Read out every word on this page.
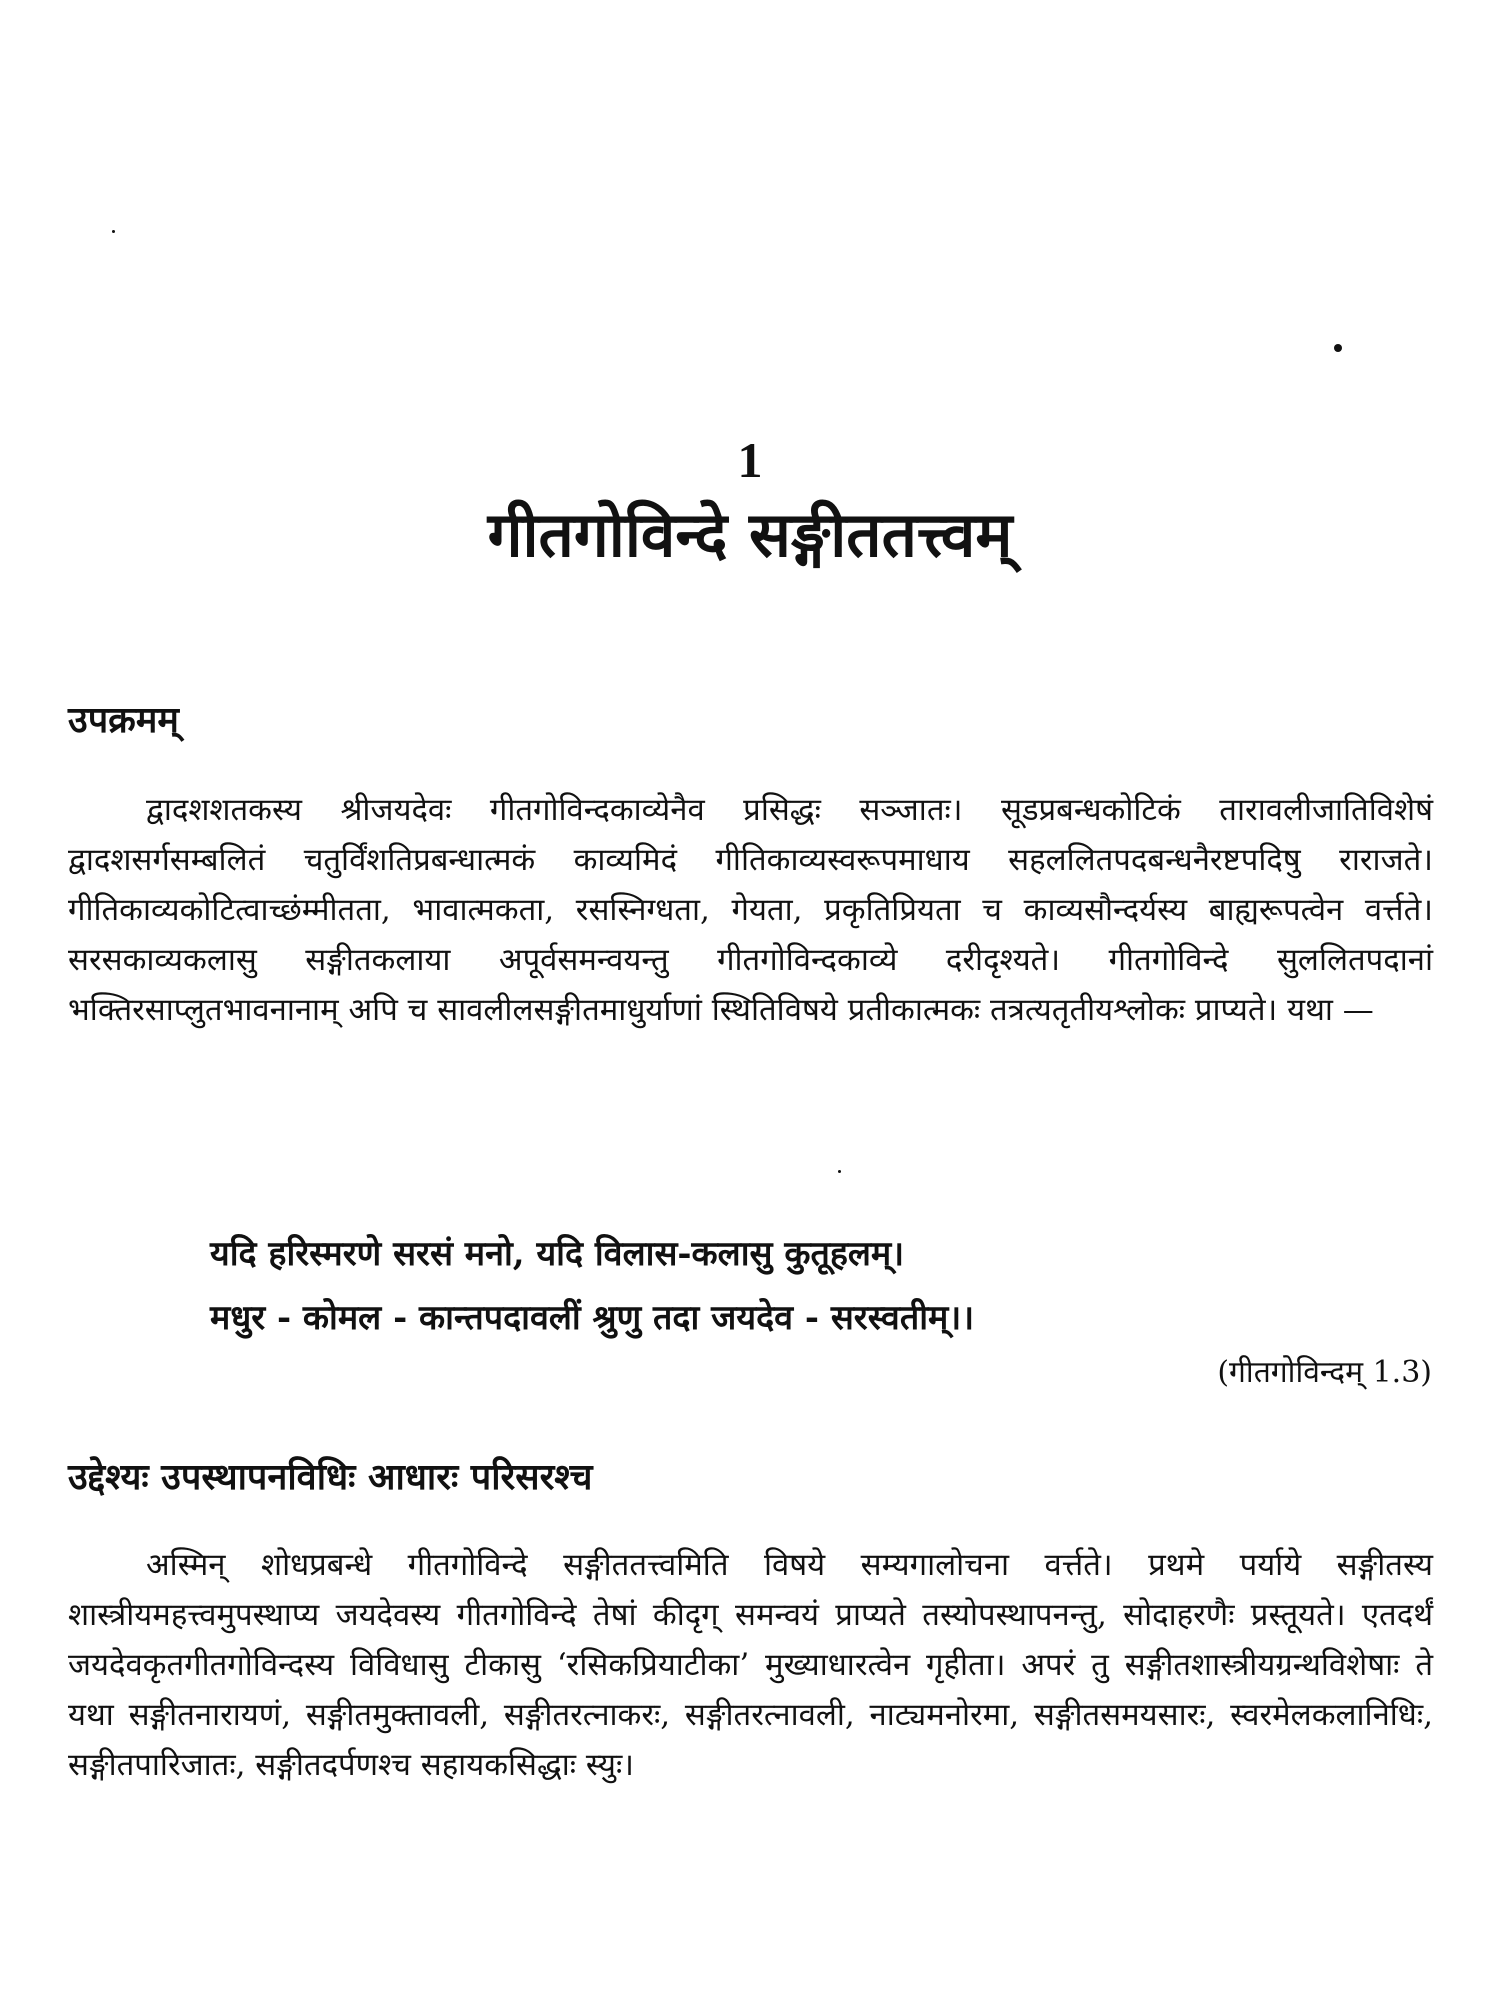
1
गीतगोविन्दे सङ्गीततत्त्वम्
उपक्रमम्

द्वादशशतकस्य श्रीजयदेवः गीतगोविन्दकाव्येनैव प्रसिद्धः सञ्जातः। सूडप्रबन्धकोटिकं तारावलीजातिविशेषं द्वादशसर्गसम्बलितं चतुर्विंशतिप्रबन्धात्मकं काव्यमिदं गीतिकाव्यस्वरूपमाधाय सहललितपदबन्धनैरष्टपदिषु राराजते। गीतिकाव्यकोटित्वाच्छंम्मीतता, भावात्मकता, रसस्निग्धता, गेयता, प्रकृतिप्रियता च काव्यसौन्दर्यस्य बाह्यरूपत्वेन वर्त्तते। सरसकाव्यकलासु सङ्गीतकलाया अपूर्वसमन्वयन्तु गीतगोविन्दकाव्ये दरीदृश्यते। गीतगोविन्दे सुललितपदानां भक्तिरसाप्लुतभावनानाम् अपि च सावलीलसङ्गीतमाधुर्याणां स्थितिविषये प्रतीकात्मकः तत्रत्यतृतीयश्लोकः प्राप्यते। यथा —

यदि हरिस्मरणे सरसं मनो, यदि विलास-कलासु कुतूहलम्।

मधुर - कोमल - कान्तपदावलीं श्रुणु तदा जयदेव - सरस्वतीम्।।

(गीतगोविन्दम् 1.3)

उद्देश्यः उपस्थापनविधिः आधारः परिसरश्च

अस्मिन् शोधप्रबन्धे गीतगोविन्दे सङ्गीततत्त्वमिति विषये सम्यगालोचना वर्त्तते। प्रथमे पर्याये सङ्गीतस्य शास्त्रीयमहत्त्वमुपस्थाप्य जयदेवस्य गीतगोविन्दे तेषां कीदृग् समन्वयं प्राप्यते तस्योपस्थापनन्तु, सोदाहरणैः प्रस्तूयते। एतदर्थं जयदेवकृतगीतगोविन्दस्य विविधासु टीकासु ‘रसिकप्रियाटीका’ मुख्याधारत्वेन गृहीता। अपरं तु सङ्गीतशास्त्रीयग्रन्थविशेषाः ते यथा सङ्गीतनारायणं, सङ्गीतमुक्तावली, सङ्गीतरत्नाकरः, सङ्गीतरत्नावली, नाट्यमनोरमा, सङ्गीतसमयसारः, स्वरमेलकलानिधिः, सङ्गीतपारिजातः, सङ्गीतदर्पणश्च सहायकसिद्धाः स्युः।
